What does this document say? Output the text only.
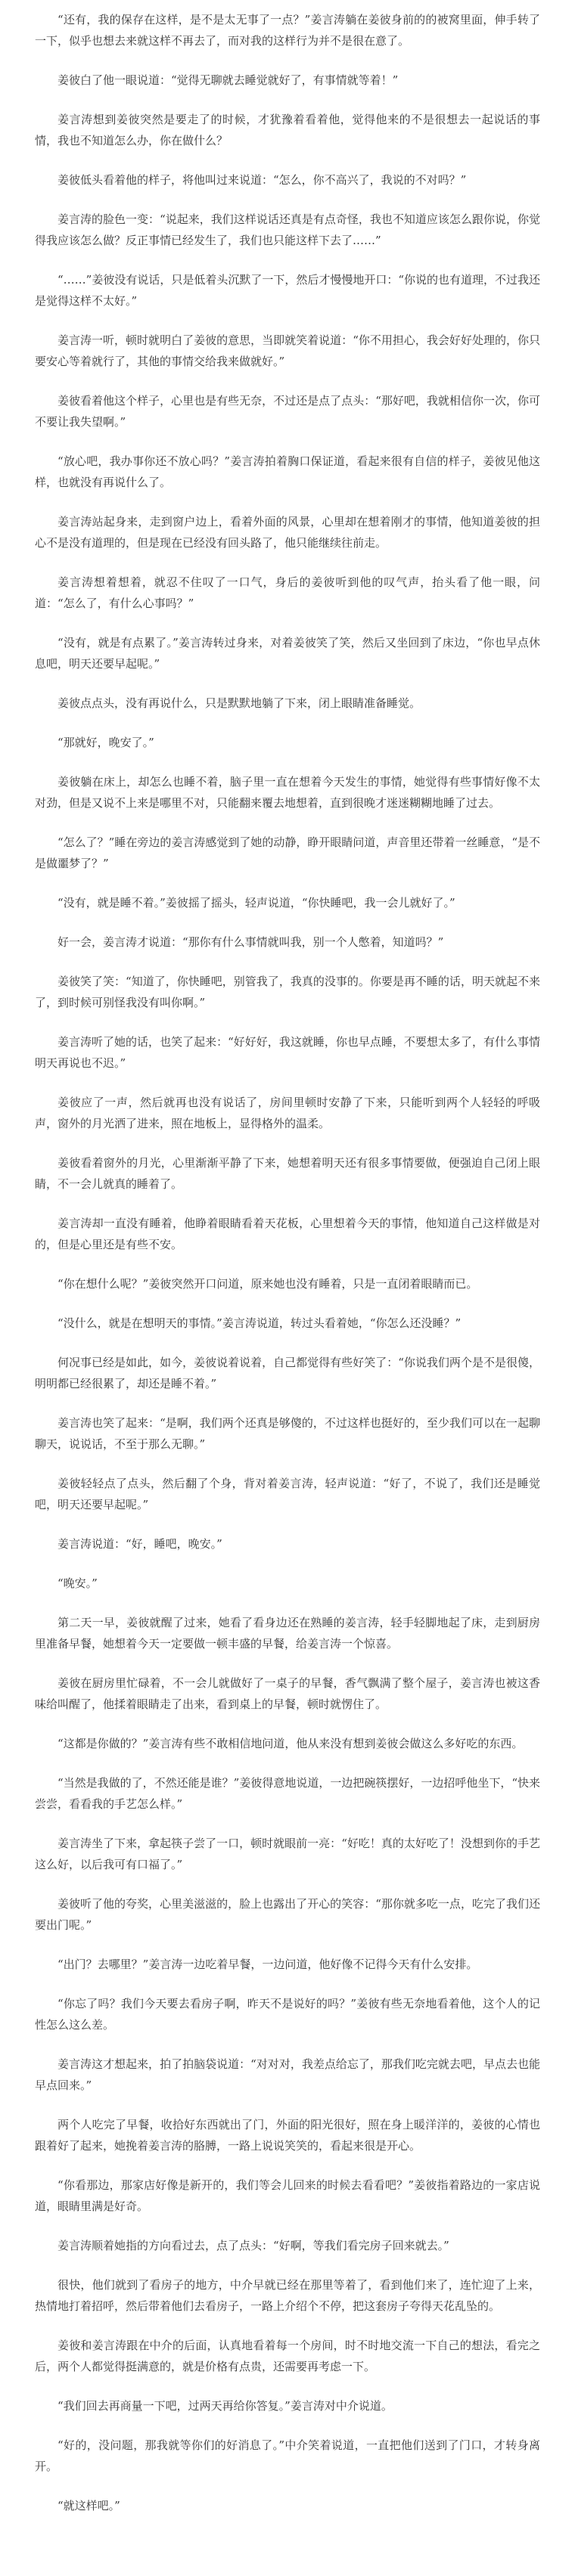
“还有，我的保存在这样，是不是太无事了一点？”姜言涛躺在姜彼身前的的被窝里面，伸手转了一下，似乎也想去来就这样不再去了，而对我的这样行为并不是很在意了。

姜彼白了他一眼说道：“觉得无聊就去睡觉就好了，有事情就等着！”

姜言涛想到姜彼突然是要走了的时候，才犹豫着看着他，觉得他来的不是很想去一起说话的事情，我也不知道怎么办，你在做什么？

姜彼低头看着他的样子，将他叫过来说道：“怎么，你不高兴了，我说的不对吗？”

姜言涛的脸色一变：“说起来，我们这样说话还真是有点奇怪，我也不知道应该怎么跟你说，你觉得我应该怎么做？反正事情已经发生了，我们也只能这样下去了……”

“……”姜彼没有说话，只是低着头沉默了一下，然后才慢慢地开口：“你说的也有道理，不过我还是觉得这样不太好。”

姜言涛一听，顿时就明白了姜彼的意思，当即就笑着说道：“你不用担心，我会好好处理的，你只要安心等着就行了，其他的事情交给我来做就好。”

姜彼看着他这个样子，心里也是有些无奈，不过还是点了点头：“那好吧，我就相信你一次，你可不要让我失望啊。”

“放心吧，我办事你还不放心吗？”姜言涛拍着胸口保证道，看起来很有自信的样子，姜彼见他这样，也就没有再说什么了。

姜言涛站起身来，走到窗户边上，看着外面的风景，心里却在想着刚才的事情，他知道姜彼的担心不是没有道理的，但是现在已经没有回头路了，他只能继续往前走。

姜言涛想着想着，就忍不住叹了一口气，身后的姜彼听到他的叹气声，抬头看了他一眼，问道：“怎么了，有什么心事吗？”

“没有，就是有点累了。”姜言涛转过身来，对着姜彼笑了笑，然后又坐回到了床边，“你也早点休息吧，明天还要早起呢。”

姜彼点点头，没有再说什么，只是默默地躺了下来，闭上眼睛准备睡觉。

“那就好，晚安了。”

姜彼躺在床上，却怎么也睡不着，脑子里一直在想着今天发生的事情，她觉得有些事情好像不太对劲，但是又说不上来是哪里不对，只能翻来覆去地想着，直到很晚才迷迷糊糊地睡了过去。

“怎么了？”睡在旁边的姜言涛感觉到了她的动静，睁开眼睛问道，声音里还带着一丝睡意，“是不是做噩梦了？”

“没有，就是睡不着。”姜彼摇了摇头，轻声说道，“你快睡吧，我一会儿就好了。”

好一会，姜言涛才说道：“那你有什么事情就叫我，别一个人憋着，知道吗？”

姜彼笑了笑：“知道了，你快睡吧，别管我了，我真的没事的。你要是再不睡的话，明天就起不来了，到时候可别怪我没有叫你啊。”

姜言涛听了她的话，也笑了起来：“好好好，我这就睡，你也早点睡，不要想太多了，有什么事情明天再说也不迟。”

姜彼应了一声，然后就再也没有说话了，房间里顿时安静了下来，只能听到两个人轻轻的呼吸声，窗外的月光洒了进来，照在地板上，显得格外的温柔。

姜彼看着窗外的月光，心里渐渐平静了下来，她想着明天还有很多事情要做，便强迫自己闭上眼睛，不一会儿就真的睡着了。

姜言涛却一直没有睡着，他睁着眼睛看着天花板，心里想着今天的事情，他知道自己这样做是对的，但是心里还是有些不安。

“你在想什么呢？”姜彼突然开口问道，原来她也没有睡着，只是一直闭着眼睛而已。

“没什么，就是在想明天的事情。”姜言涛说道，转过头看着她，“你怎么还没睡？”

何况事已经是如此，如今，姜彼说着说着，自己都觉得有些好笑了：“你说我们两个是不是很傻，明明都已经很累了，却还是睡不着。”

姜言涛也笑了起来：“是啊，我们两个还真是够傻的，不过这样也挺好的，至少我们可以在一起聊聊天，说说话，不至于那么无聊。”

姜彼轻轻点了点头，然后翻了个身，背对着姜言涛，轻声说道：“好了，不说了，我们还是睡觉吧，明天还要早起呢。”

姜言涛说道：“好，睡吧，晚安。”

“晚安。”

第二天一早，姜彼就醒了过来，她看了看身边还在熟睡的姜言涛，轻手轻脚地起了床，走到厨房里准备早餐，她想着今天一定要做一顿丰盛的早餐，给姜言涛一个惊喜。

姜彼在厨房里忙碌着，不一会儿就做好了一桌子的早餐，香气飘满了整个屋子，姜言涛也被这香味给叫醒了，他揉着眼睛走了出来，看到桌上的早餐，顿时就愣住了。

“这都是你做的？”姜言涛有些不敢相信地问道，他从来没有想到姜彼会做这么多好吃的东西。

“当然是我做的了，不然还能是谁？”姜彼得意地说道，一边把碗筷摆好，一边招呼他坐下，“快来尝尝，看看我的手艺怎么样。”

姜言涛坐了下来，拿起筷子尝了一口，顿时就眼前一亮：“好吃！真的太好吃了！没想到你的手艺这么好，以后我可有口福了。”

姜彼听了他的夸奖，心里美滋滋的，脸上也露出了开心的笑容：“那你就多吃一点，吃完了我们还要出门呢。”

“出门？去哪里？”姜言涛一边吃着早餐，一边问道，他好像不记得今天有什么安排。

“你忘了吗？我们今天要去看房子啊，昨天不是说好的吗？”姜彼有些无奈地看着他，这个人的记性怎么这么差。

姜言涛这才想起来，拍了拍脑袋说道：“对对对，我差点给忘了，那我们吃完就去吧，早点去也能早点回来。”

两个人吃完了早餐，收拾好东西就出了门，外面的阳光很好，照在身上暖洋洋的，姜彼的心情也跟着好了起来，她挽着姜言涛的胳膊，一路上说说笑笑的，看起来很是开心。

“你看那边，那家店好像是新开的，我们等会儿回来的时候去看看吧？”姜彼指着路边的一家店说道，眼睛里满是好奇。

姜言涛顺着她指的方向看过去，点了点头：“好啊，等我们看完房子回来就去。”

很快，他们就到了看房子的地方，中介早就已经在那里等着了，看到他们来了，连忙迎了上来，热情地打着招呼，然后带着他们去看房子，一路上介绍个不停，把这套房子夸得天花乱坠的。

姜彼和姜言涛跟在中介的后面，认真地看着每一个房间，时不时地交流一下自己的想法，看完之后，两个人都觉得挺满意的，就是价格有点贵，还需要再考虑一下。

“我们回去再商量一下吧，过两天再给你答复。”姜言涛对中介说道。

“好的，没问题，那我就等你们的好消息了。”中介笑着说道，一直把他们送到了门口，才转身离开。

“就这样吧。”
